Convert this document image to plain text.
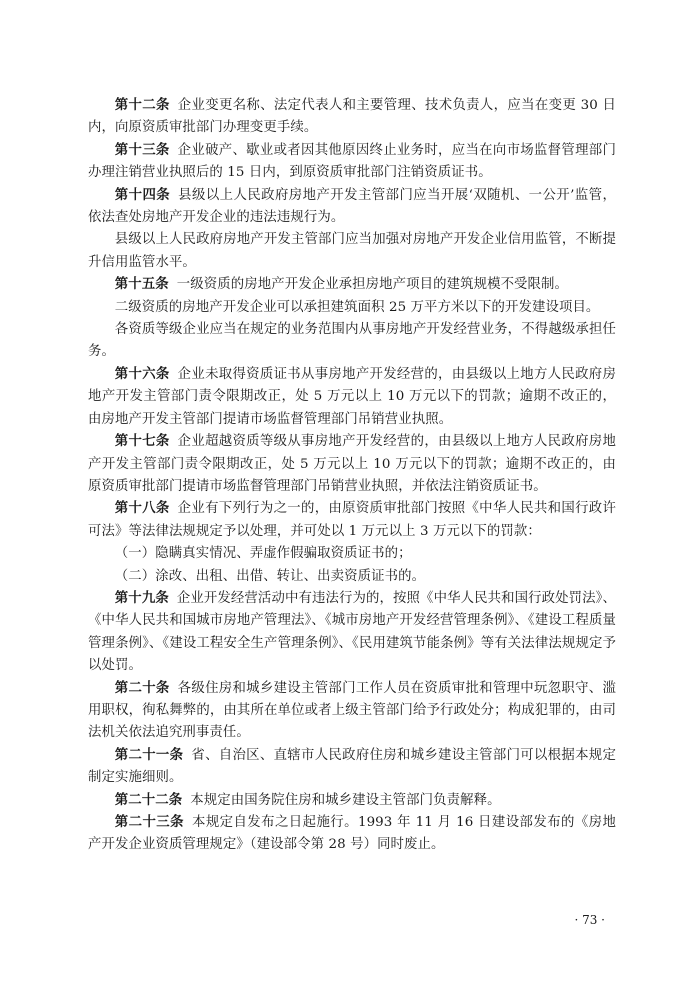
第十二条 企业变更名称、法定代表人和主要管理、技术负责人，应当在变更 30 日内，向原资质审批部门办理变更手续。

第十三条 企业破产、歇业或者因其他原因终止业务时，应当在向市场监督管理部门办理注销营业执照后的 15 日内，到原资质审批部门注销资质证书。

第十四条 县级以上人民政府房地产开发主管部门应当开展‘双随机、一公开’监管，依法查处房地产开发企业的违法违规行为。

县级以上人民政府房地产开发主管部门应当加强对房地产开发企业信用监管，不断提升信用监管水平。

第十五条 一级资质的房地产开发企业承担房地产项目的建筑规模不受限制。

二级资质的房地产开发企业可以承担建筑面积 25 万平方米以下的开发建设项目。

各资质等级企业应当在规定的业务范围内从事房地产开发经营业务，不得越级承担任务。

第十六条 企业未取得资质证书从事房地产开发经营的，由县级以上地方人民政府房地产开发主管部门责令限期改正，处 5 万元以上 10 万元以下的罚款；逾期不改正的，由房地产开发主管部门提请市场监督管理部门吊销营业执照。

第十七条 企业超越资质等级从事房地产开发经营的，由县级以上地方人民政府房地产开发主管部门责令限期改正，处 5 万元以上 10 万元以下的罚款；逾期不改正的，由原资质审批部门提请市场监督管理部门吊销营业执照，并依法注销资质证书。

第十八条 企业有下列行为之一的，由原资质审批部门按照《中华人民共和国行政许可法》等法律法规规定予以处理，并可处以 1 万元以上 3 万元以下的罚款：

（一）隐瞒真实情况、弄虚作假骗取资质证书的；

（二）涂改、出租、出借、转让、出卖资质证书的。

第十九条 企业开发经营活动中有违法行为的，按照《中华人民共和国行政处罚法》、《中华人民共和国城市房地产管理法》、《城市房地产开发经营管理条例》、《建设工程质量管理条例》、《建设工程安全生产管理条例》、《民用建筑节能条例》等有关法律法规规定予以处罚。

第二十条 各级住房和城乡建设主管部门工作人员在资质审批和管理中玩忽职守、滥用职权，徇私舞弊的，由其所在单位或者上级主管部门给予行政处分；构成犯罪的，由司法机关依法追究刑事责任。

第二十一条 省、自治区、直辖市人民政府住房和城乡建设主管部门可以根据本规定制定实施细则。

第二十二条 本规定由国务院住房和城乡建设主管部门负责解释。

第二十三条 本规定自发布之日起施行。1993 年 11 月 16 日建设部发布的《房地产开发企业资质管理规定》（建设部令第 28 号）同时废止。

· 73 ·
